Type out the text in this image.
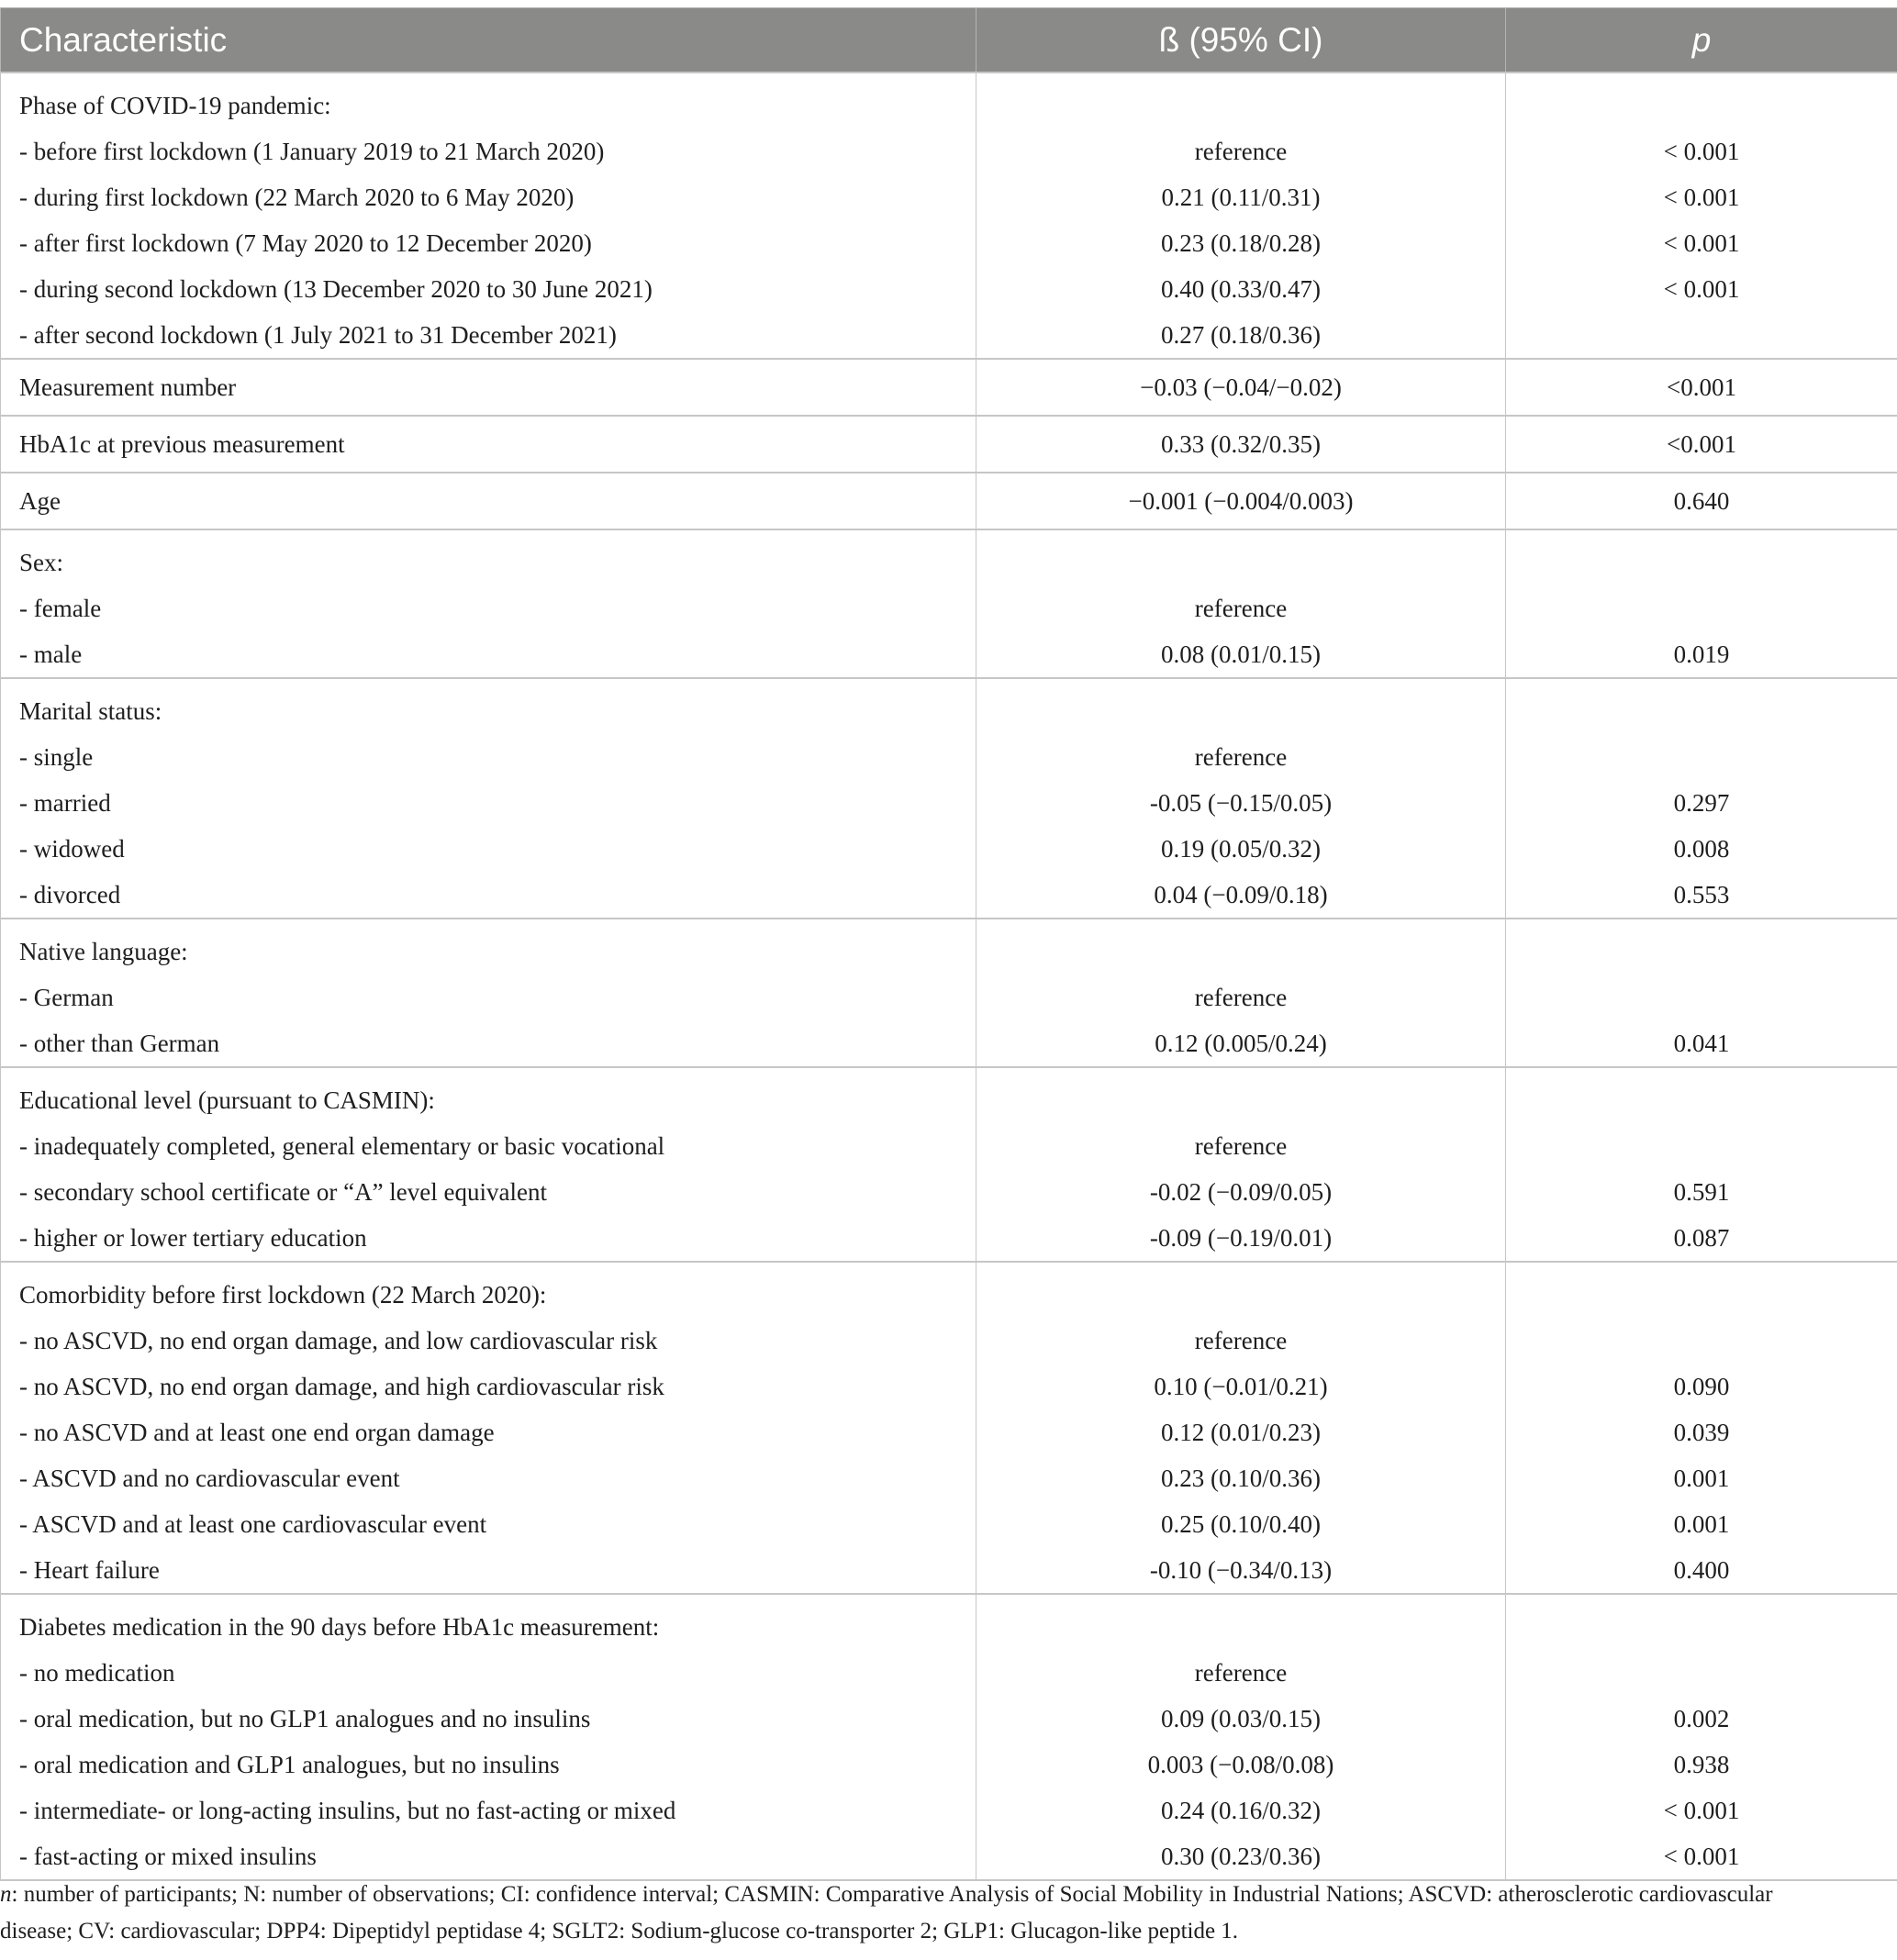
Characteristic	ß (95% CI)	p
Phase of COVID-19 pandemic:		
- before first lockdown (1 January 2019 to 21 March 2020)	reference	< 0.001
- during first lockdown (22 March 2020 to 6 May 2020)	0.21 (0.11/0.31)	< 0.001
- after first lockdown (7 May 2020 to 12 December 2020)	0.23 (0.18/0.28)	< 0.001
- during second lockdown (13 December 2020 to 30 June 2021)	0.40 (0.33/0.47)	< 0.001
- after second lockdown (1 July 2021 to 31 December 2021)	0.27 (0.18/0.36)	
Measurement number	−0.03 (−0.04/−0.02)	<0.001
HbA1c at previous measurement	0.33 (0.32/0.35)	<0.001
Age	−0.001 (−0.004/0.003)	0.640
Sex:		
- female	reference	
- male	0.08 (0.01/0.15)	0.019
Marital status:		
- single	reference	
- married	-0.05 (−0.15/0.05)	0.297
- widowed	0.19 (0.05/0.32)	0.008
- divorced	0.04 (−0.09/0.18)	0.553
Native language:		
- German	reference	
- other than German	0.12 (0.005/0.24)	0.041
Educational level (pursuant to CASMIN):		
- inadequately completed, general elementary or basic vocational	reference	
- secondary school certificate or “A” level equivalent	-0.02 (−0.09/0.05)	0.591
- higher or lower tertiary education	-0.09 (−0.19/0.01)	0.087
Comorbidity before first lockdown (22 March 2020):		
- no ASCVD, no end organ damage, and low cardiovascular risk	reference	
- no ASCVD, no end organ damage, and high cardiovascular risk	0.10 (−0.01/0.21)	0.090
- no ASCVD and at least one end organ damage	0.12 (0.01/0.23)	0.039
- ASCVD and no cardiovascular event	0.23 (0.10/0.36)	0.001
- ASCVD and at least one cardiovascular event	0.25 (0.10/0.40)	0.001
- Heart failure	-0.10 (−0.34/0.13)	0.400
Diabetes medication in the 90 days before HbA1c measurement:		
- no medication	reference	
- oral medication, but no GLP1 analogues and no insulins	0.09 (0.03/0.15)	0.002
- oral medication and GLP1 analogues, but no insulins	0.003 (−0.08/0.08)	0.938
- intermediate- or long-acting insulins, but no fast-acting or mixed	0.24 (0.16/0.32)	< 0.001
- fast-acting or mixed insulins	0.30 (0.23/0.36)	< 0.001
n: number of participants; N: number of observations; CI: confidence interval; CASMIN: Comparative Analysis of Social Mobility in Industrial Nations; ASCVD: atherosclerotic cardiovascular
disease; CV: cardiovascular; DPP4: Dipeptidyl peptidase 4; SGLT2: Sodium-glucose co-transporter 2; GLP1: Glucagon-like peptide 1.
